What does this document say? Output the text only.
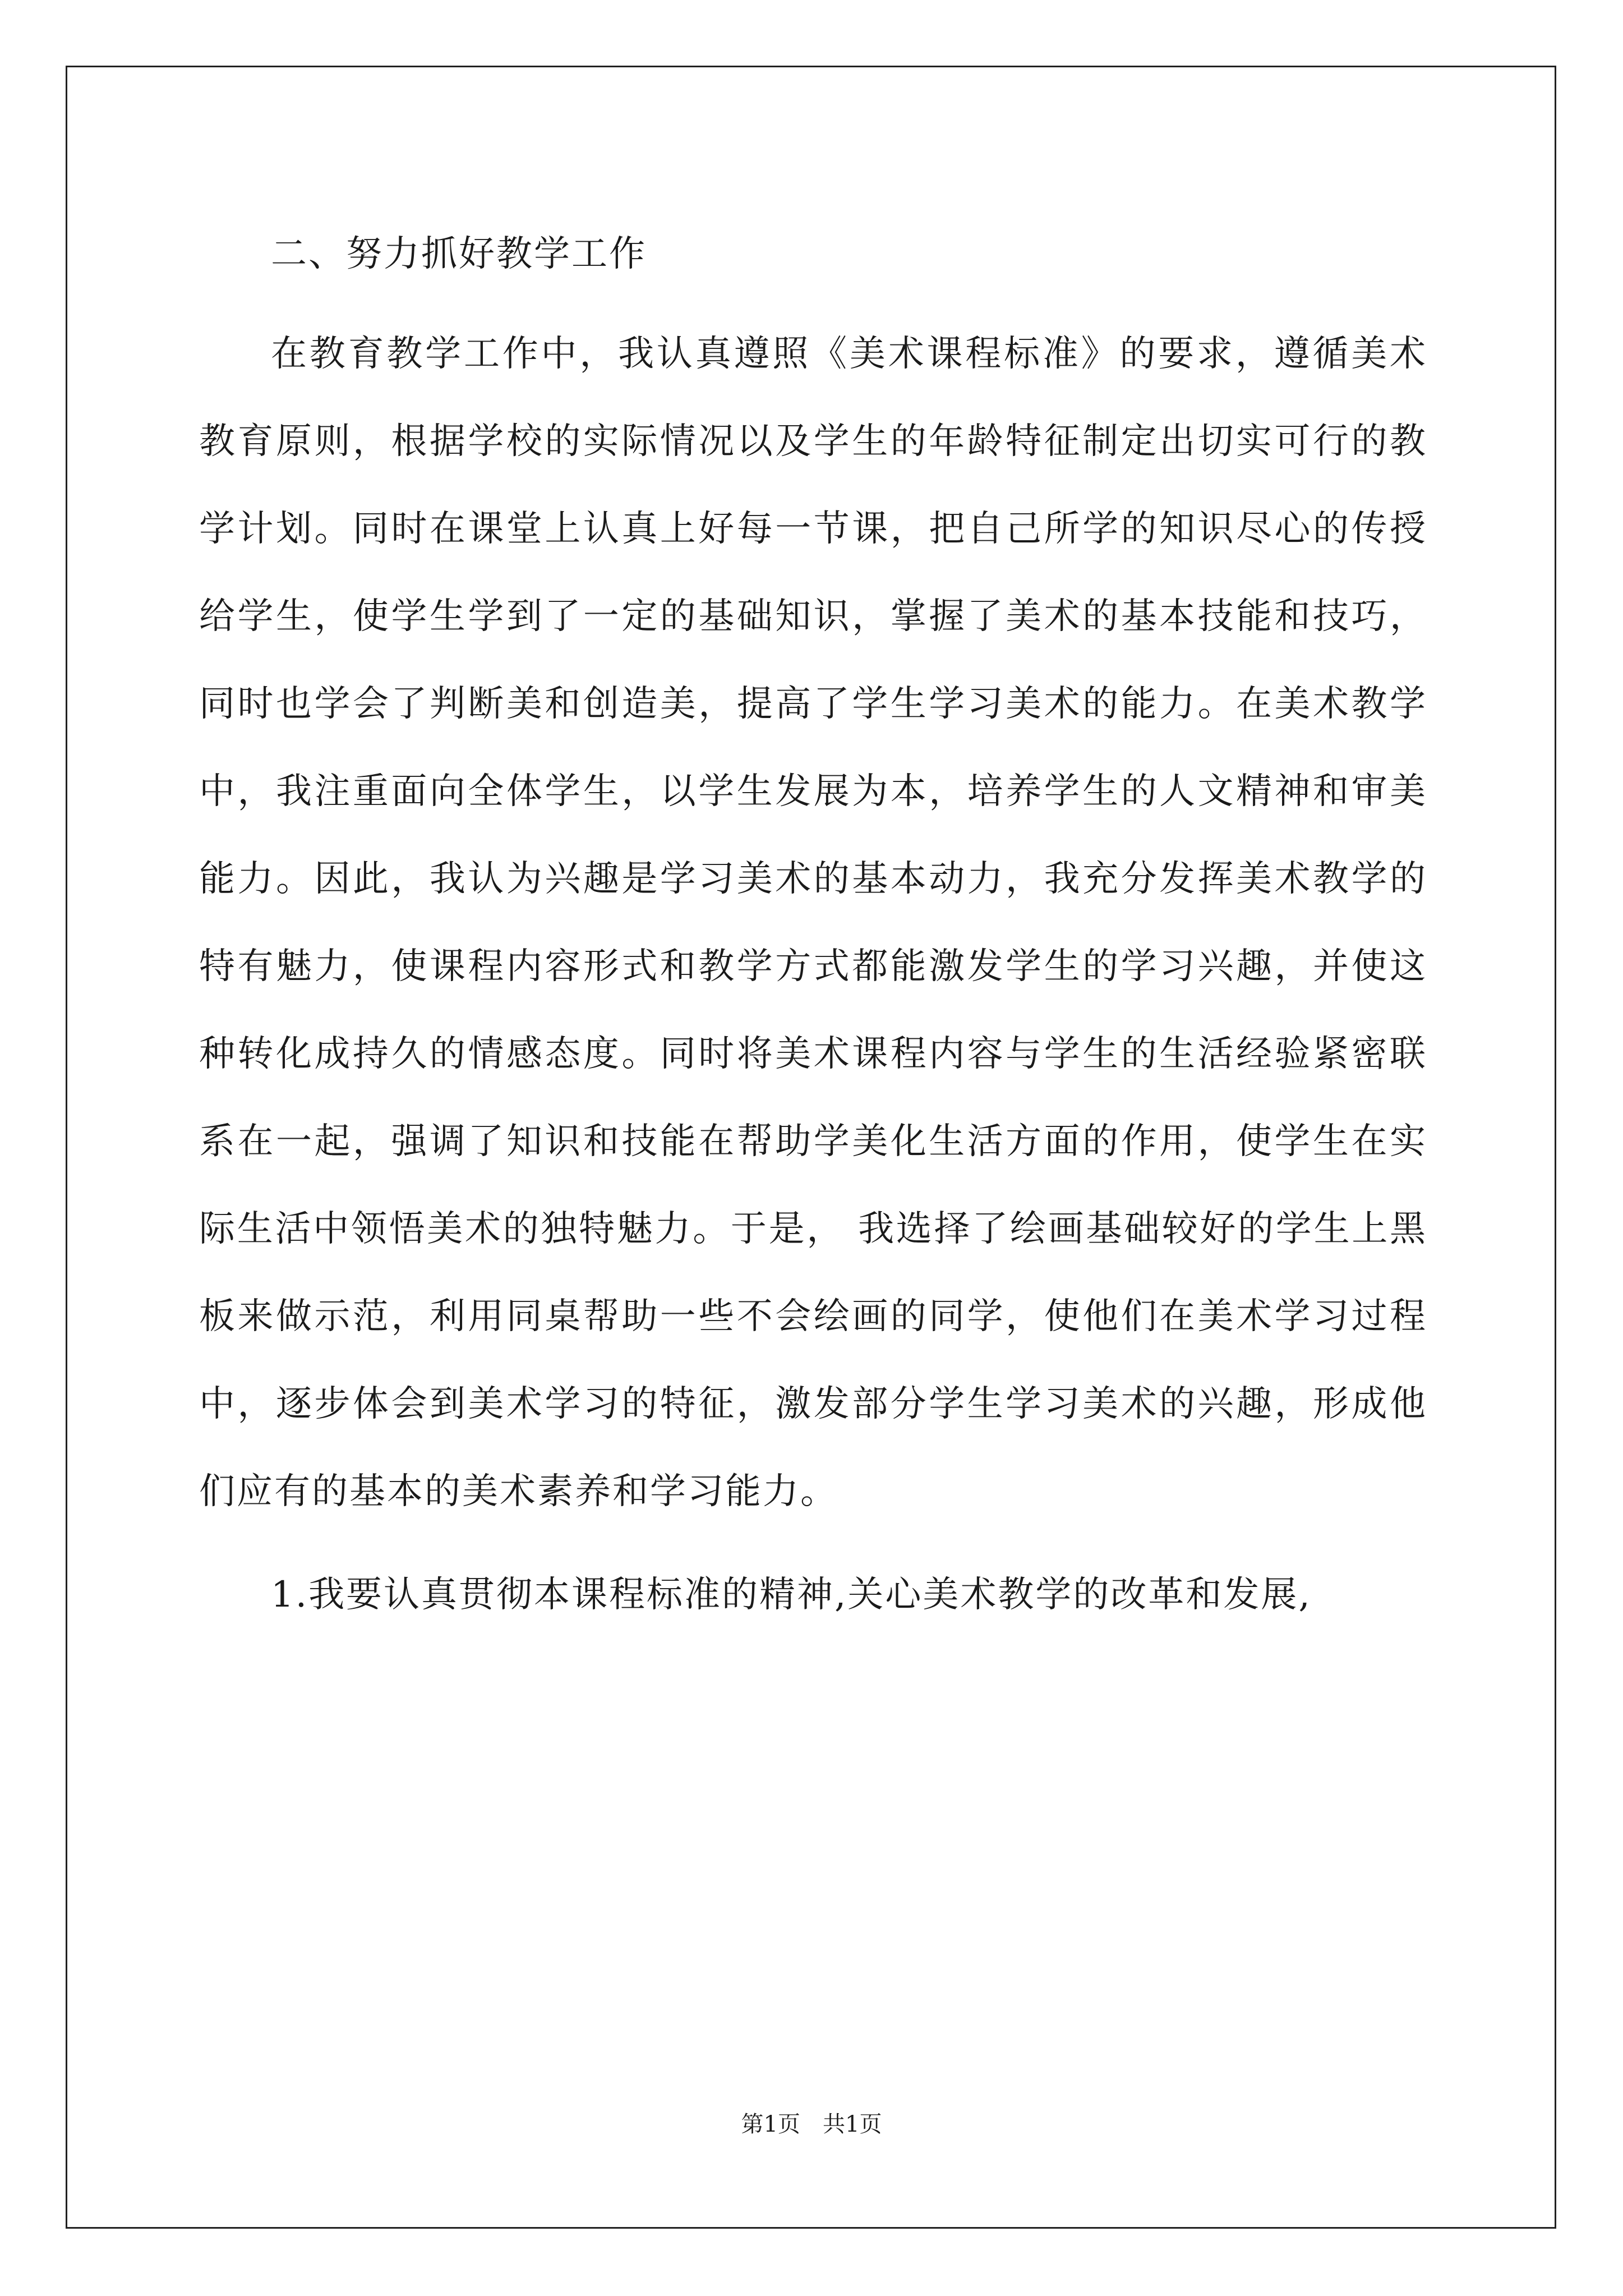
二、努力抓好教学工作

在教育教学工作中，我认真遵照《美术课程标准》的要求，遵循美术教育原则，根据学校的实际情况以及学生的年龄特征制定出切实可行的教学计划。同时在课堂上认真上好每一节课，把自己所学的知识尽心的传授给学生，使学生学到了一定的基础知识，掌握了美术的基本技能和技巧，同时也学会了判断美和创造美，提高了学生学习美术的能力。在美术教学中，我注重面向全体学生，以学生发展为本，培养学生的人文精神和审美能力。因此，我认为兴趣是学习美术的基本动力，我充分发挥美术教学的特有魅力，使课程内容形式和教学方式都能激发学生的学习兴趣，并使这种转化成持久的情感态度。同时将美术课程内容与学生的生活经验紧密联系在一起，强调了知识和技能在帮助学美化生活方面的作用，使学生在实际生活中领悟美术的独特魅力。于是， 我选择了绘画基础较好的学生上黑板来做示范，利用同桌帮助一些不会绘画的同学，使他们在美术学习过程中，逐步体会到美术学习的特征，激发部分学生学习美术的兴趣，形成他们应有的基本的美术素养和学习能力。

1.我要认真贯彻本课程标准的精神,关心美术教学的改革和发展,

第1页 共1页
